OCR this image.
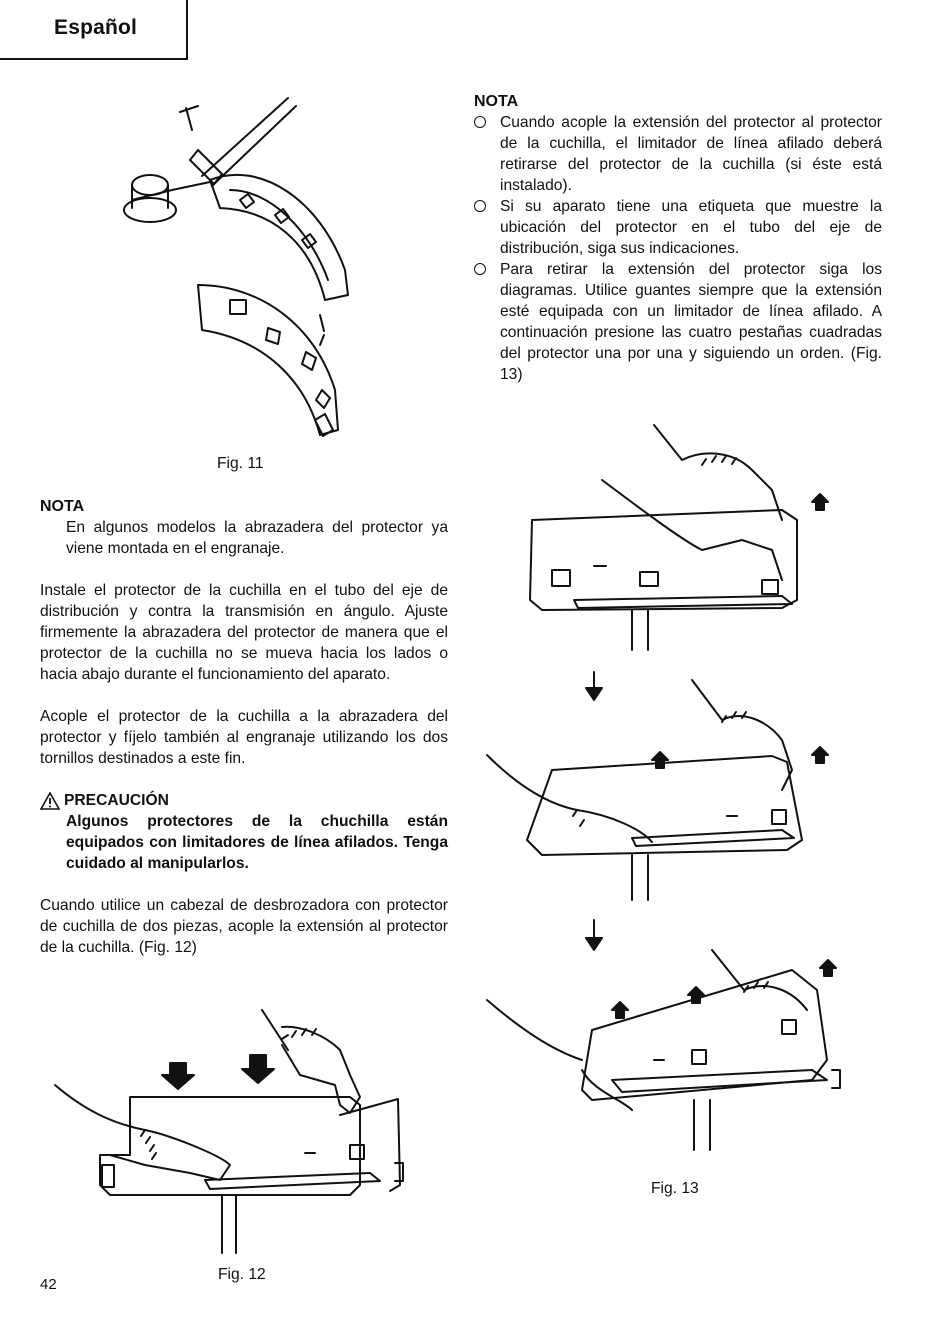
Español
Fig. 11
NOTA

En algunos modelos la abrazadera del protector ya viene montada en el engranaje.

Instale el protector de la cuchilla en el tubo del eje de distribución y contra la transmisión en ángulo. Ajuste firmemente la abrazadera del protector de manera que el protector de la cuchilla no se mueva hacia los lados o hacia abajo durante el funcionamiento del aparato.

Acople el protector de la cuchilla a la abrazadera del protector y fíjelo también al engranaje utilizando los dos tornillos destinados a este fin.

PRECAUCIÓN

Algunos protectores de la chuchilla están equipados con limitadores de línea afilados. Tenga cuidado al manipularlos.

Cuando utilice un cabezal de desbrozadora con protector de cuchilla de dos piezas, acople la extensión al protector de la cuchilla. (Fig. 12)

Fig. 12
NOTA
Cuando acople la extensión del protector al protector de la cuchilla, el limitador de línea afilado deberá retirarse del protector de la cuchilla (si éste está instalado).
Si su aparato tiene una etiqueta que muestre la ubicación del protector en el tubo del eje de distribución, siga sus indicaciones.
Para retirar la extensión del protector siga los diagramas. Utilice guantes siempre que la extensión esté equipada con un limitador de línea afilado. A continuación presione las cuatro pestañas cuadradas del protector una por una y siguiendo un orden. (Fig. 13)
Fig. 13
42
